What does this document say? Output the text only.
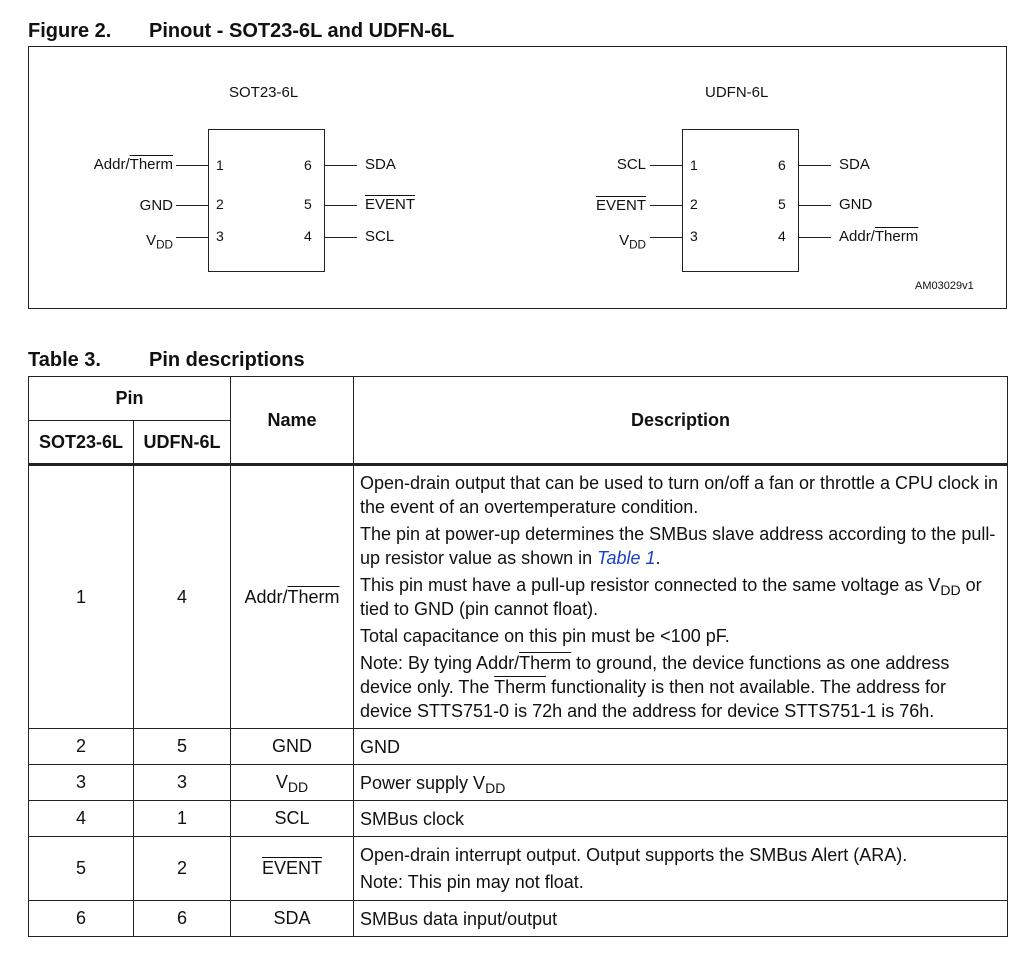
Figure 2. Pinout - SOT23-6L and UDFN-6L
SOT23-6L
Addr/Therm	1
GND	2
$V_{DD}$
3
6	SDA
5	EVENT
4	SCL
UDFN-6L
SCL	1
EVENT	2
$V_{DD}$
3
6	SDA
5	GND
4	Addr/Therm
AM03029v1
Table 3. Pin descriptions
Pin		Name	Description
SOT23-6L	UDFN-6L		
1	4	Addr/Therm	Open-drain output that can be used to turn on/off a fan or throttle a CPU clock in the event of an overtemperature condition.
The pin at power-up determines the SMBus slave address according to the pull-up resistor value as shown in Table 1.
This pin must have a pull-up resistor connected to the same voltage as $V_{DD}$ or tied to GND (pin cannot float).
Total capacitance on this pin must be <100 pF.
Note: By tying Addr/Therm to ground, the device functions as one address device only. The Therm functionality is then not available. The address for device STTS751-0 is 72h and the address for device STTS751-1 is 76h.

2	5	GND	GND
3	3	$V_{DD}$	Power supply $V_{DD}$
4	1	SCL	SMBus clock
5	2	EVENT	Open-drain interrupt output. Output supports the SMBus Alert (ARA).
Note: This pin may not float.

6	6	SDA	SMBus data input/output
